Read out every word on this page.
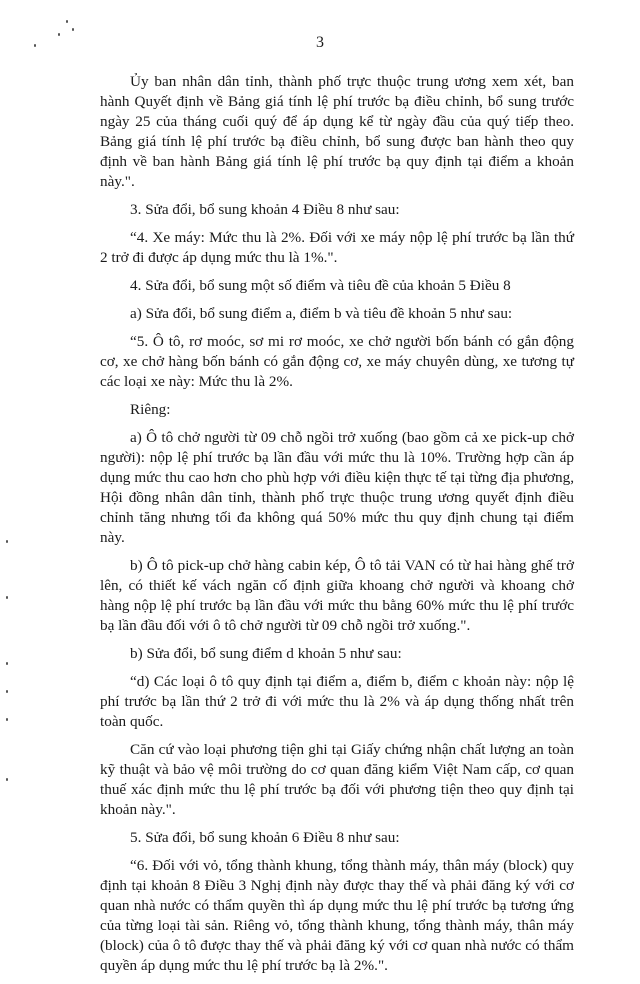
3

Ủy ban nhân dân tỉnh, thành phố trực thuộc trung ương xem xét, ban hành Quyết định về Bảng giá tính lệ phí trước bạ điều chỉnh, bổ sung trước ngày 25 của tháng cuối quý để áp dụng kể từ ngày đầu của quý tiếp theo. Bảng giá tính lệ phí trước bạ điều chỉnh, bổ sung được ban hành theo quy định về ban hành Bảng giá tính lệ phí trước bạ quy định tại điểm a khoản này.".

3. Sửa đổi, bổ sung khoản 4 Điều 8 như sau:

“4. Xe máy: Mức thu là 2%. Đối với xe máy nộp lệ phí trước bạ lần thứ 2 trở đi được áp dụng mức thu là 1%.".

4. Sửa đổi, bổ sung một số điểm và tiêu đề của khoản 5 Điều 8

a) Sửa đổi, bổ sung điểm a, điểm b và tiêu đề khoản 5 như sau:

“5. Ô tô, rơ moóc, sơ mi rơ moóc, xe chở người bốn bánh có gắn động cơ, xe chở hàng bốn bánh có gắn động cơ, xe máy chuyên dùng, xe tương tự các loại xe này: Mức thu là 2%.

Riêng:

a) Ô tô chở người từ 09 chỗ ngồi trở xuống (bao gồm cả xe pick-up chở người): nộp lệ phí trước bạ lần đầu với mức thu là 10%. Trường hợp cần áp dụng mức thu cao hơn cho phù hợp với điều kiện thực tế tại từng địa phương, Hội đồng nhân dân tỉnh, thành phố trực thuộc trung ương quyết định điều chỉnh tăng nhưng tối đa không quá 50% mức thu quy định chung tại điểm này.

b) Ô tô pick-up chở hàng cabin kép, Ô tô tải VAN có từ hai hàng ghế trở lên, có thiết kế vách ngăn cố định giữa khoang chở người và khoang chở hàng nộp lệ phí trước bạ lần đầu với mức thu bằng 60% mức thu lệ phí trước bạ lần đầu đối với ô tô chở người từ 09 chỗ ngồi trở xuống.".

b) Sửa đổi, bổ sung điểm d khoản 5 như sau:

“d) Các loại ô tô quy định tại điểm a, điểm b, điểm c khoản này: nộp lệ phí trước bạ lần thứ 2 trở đi với mức thu là 2% và áp dụng thống nhất trên toàn quốc.

Căn cứ vào loại phương tiện ghi tại Giấy chứng nhận chất lượng an toàn kỹ thuật và bảo vệ môi trường do cơ quan đăng kiểm Việt Nam cấp, cơ quan thuế xác định mức thu lệ phí trước bạ đối với phương tiện theo quy định tại khoản này.".

5. Sửa đổi, bổ sung khoản 6 Điều 8 như sau:

“6. Đối với vỏ, tổng thành khung, tổng thành máy, thân máy (block) quy định tại khoản 8 Điều 3 Nghị định này được thay thế và phải đăng ký với cơ quan nhà nước có thẩm quyền thì áp dụng mức thu lệ phí trước bạ tương ứng của từng loại tài sản. Riêng vỏ, tổng thành khung, tổng thành máy, thân máy (block) của ô tô được thay thế và phải đăng ký với cơ quan nhà nước có thẩm quyền áp dụng mức thu lệ phí trước bạ là 2%.".
